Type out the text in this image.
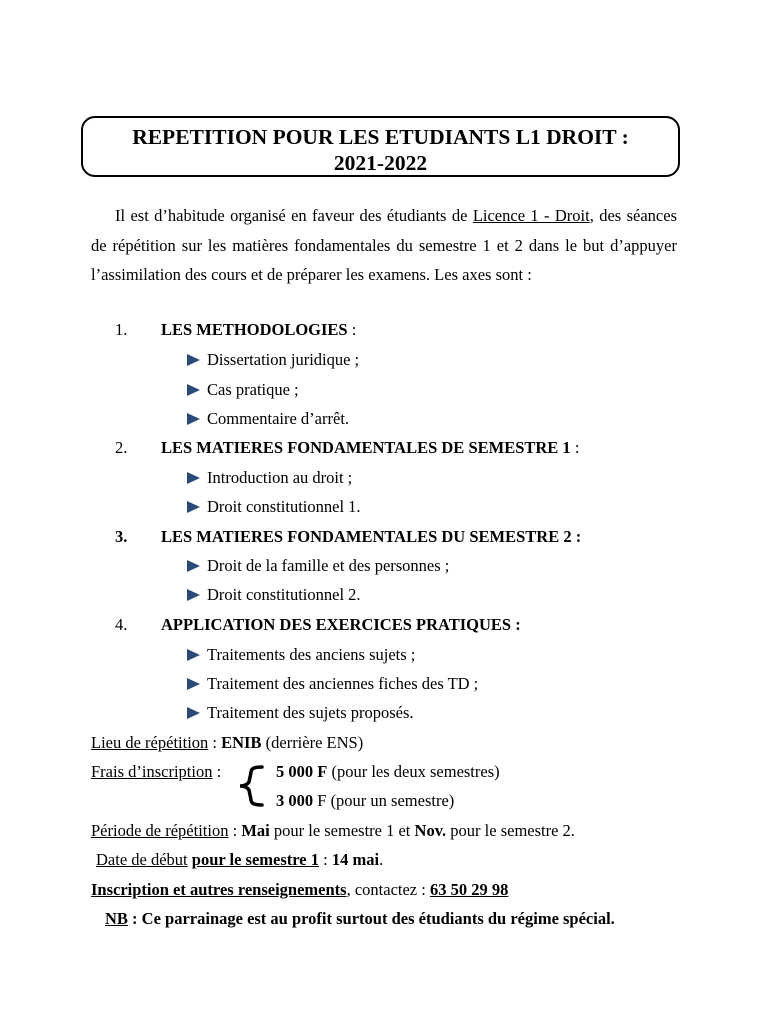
REPETITION POUR LES ETUDIANTS L1 DROIT :
2021-2022

Il est d’habitude organisé en faveur des étudiants de Licence 1 - Droit, des séances de répétition sur les matières fondamentales du semestre 1 et 2 dans le but d’appuyer l’assimilation des cours et de préparer les examens. Les axes sont :

1. LES METHODOLOGIES :
Dissertation juridique ;
Cas pratique ;
Commentaire d’arrêt.
2. LES MATIERES FONDAMENTALES DE SEMESTRE 1 :
Introduction au droit ;
Droit constitutionnel 1.
3. LES MATIERES FONDAMENTALES DU SEMESTRE 2 :
Droit de la famille et des personnes ;
Droit constitutionnel 2.
4. APPLICATION DES EXERCICES PRATIQUES :
Traitements des anciens sujets ;
Traitement des anciennes fiches des TD ;
Traitement des sujets proposés.
Lieu de répétition : ENIB (derrière ENS)
Frais d’inscription :	5 000 F (pour les deux semestres)
3 000 F (pour un semestre)
Période de répétition : Mai pour le semestre 1 et Nov. pour le semestre 2.
Date de début pour le semestre 1 : 14 mai.
Inscription et autres renseignements, contactez : 63 50 29 98
NB : Ce parrainage est au profit surtout des étudiants du régime spécial.
